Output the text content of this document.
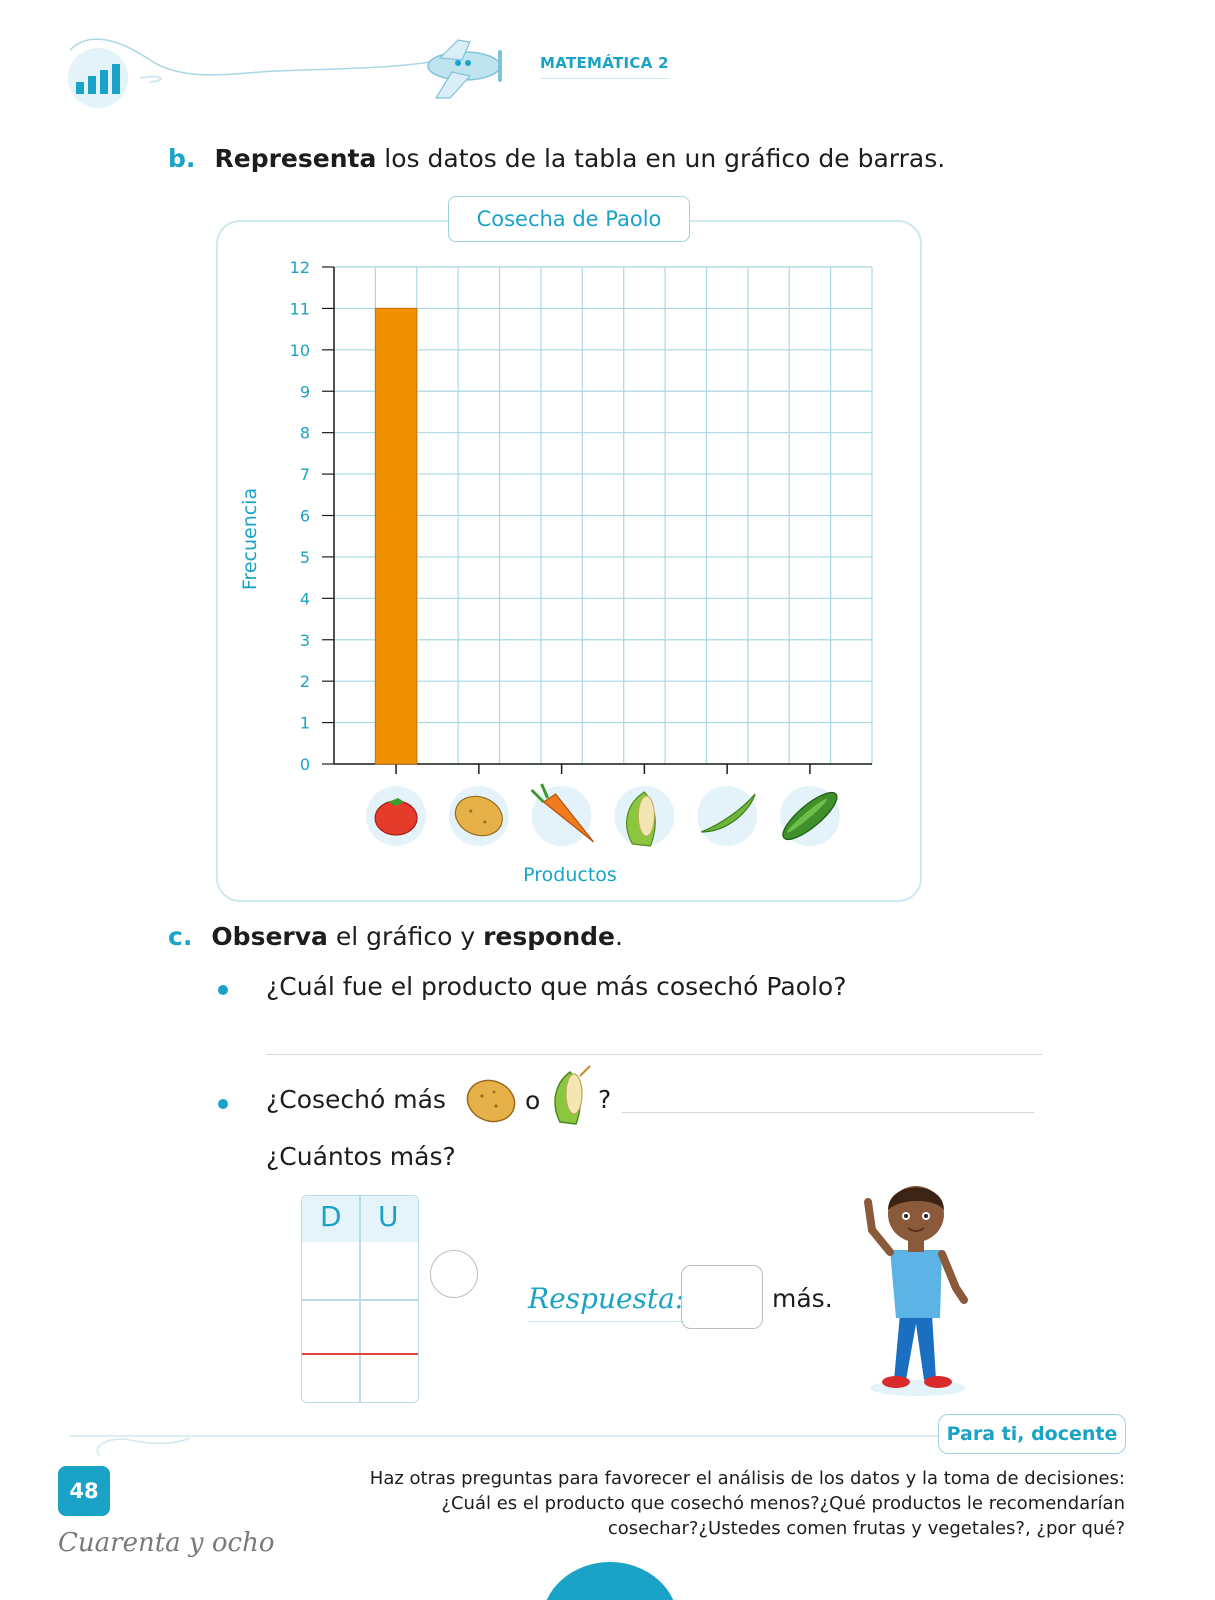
MATEMÁTICA 2
b. Representa los datos de la tabla en un gráfico de barras.
Cosecha de Paolo
Frecuencia
Productos
0
1
2
3
4
5
6
7
8
9
10
11
12
c. Observa el gráfico y responde.
¿Cuál fue el producto que más cosechó Paolo?
¿Cosechó más	o ?
¿Cuántos más?
D U
Respuesta:	más.
Para ti, docente

Haz otras preguntas para favorecer el análisis de los datos y la toma de decisiones:

¿Cuál es el producto que cosechó menos?¿Qué productos le recomendarían

cosechar?¿Ustedes comen frutas y vegetales?, ¿por qué?

48
Cuarenta y ocho
